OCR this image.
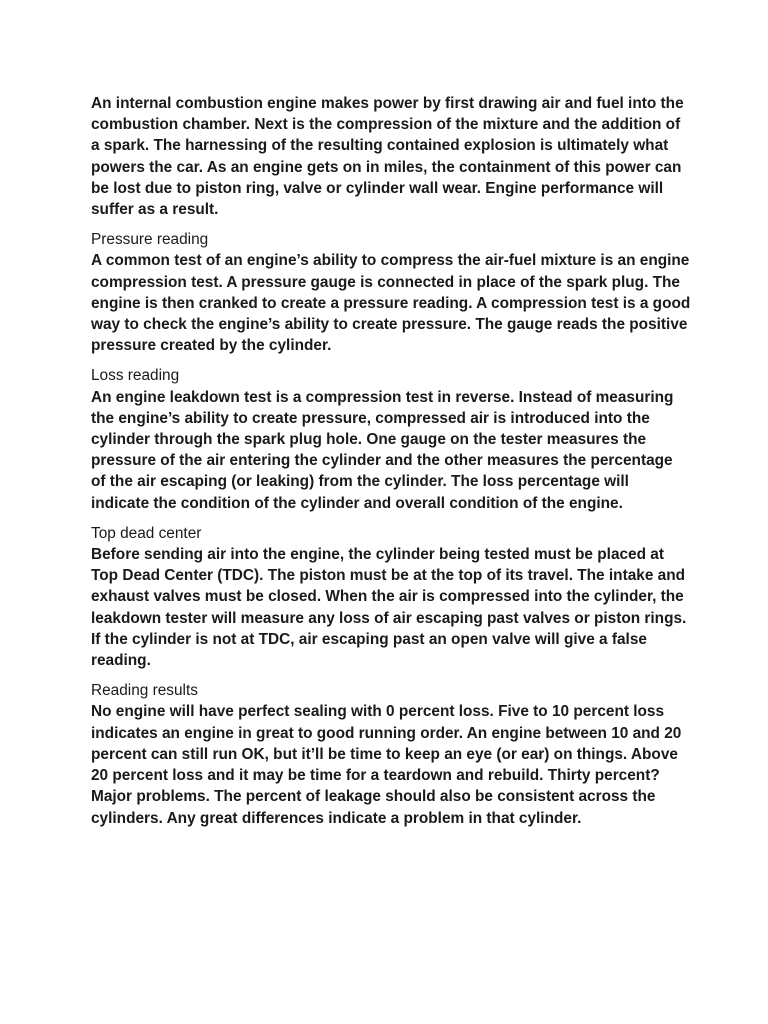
An internal combustion engine makes power by first drawing air and fuel into the combustion chamber. Next is the compression of the mixture and the addition of a spark. The harnessing of the resulting contained explosion is ultimately what powers the car. As an engine gets on in miles, the containment of this power can be lost due to piston ring, valve or cylinder wall wear. Engine performance will suffer as a result.

Pressure reading

A common test of an engine’s ability to compress the air-fuel mixture is an engine compression test. A pressure gauge is connected in place of the spark plug. The engine is then cranked to create a pressure reading. A compression test is a good way to check the engine’s ability to create pressure. The gauge reads the positive pressure created by the cylinder.

Loss reading

An engine leakdown test is a compression test in reverse. Instead of measuring the engine’s ability to create pressure, compressed air is introduced into the cylinder through the spark plug hole. One gauge on the tester measures the pressure of the air entering the cylinder and the other measures the percentage of the air escaping (or leaking) from the cylinder. The loss percentage will indicate the condition of the cylinder and overall condition of the engine.

Top dead center

Before sending air into the engine, the cylinder being tested must be placed at Top Dead Center (TDC). The piston must be at the top of its travel. The intake and exhaust valves must be closed. When the air is compressed into the cylinder, the leakdown tester will measure any loss of air escaping past valves or piston rings. If the cylinder is not at TDC, air escaping past an open valve will give a false reading.

Reading results

No engine will have perfect sealing with 0 percent loss. Five to 10 percent loss indicates an engine in great to good running order. An engine between 10 and 20 percent can still run OK, but it’ll be time to keep an eye (or ear) on things. Above 20 percent loss and it may be time for a teardown and rebuild. Thirty percent? Major problems. The percent of leakage should also be consistent across the cylinders. Any great differences indicate a problem in that cylinder.
